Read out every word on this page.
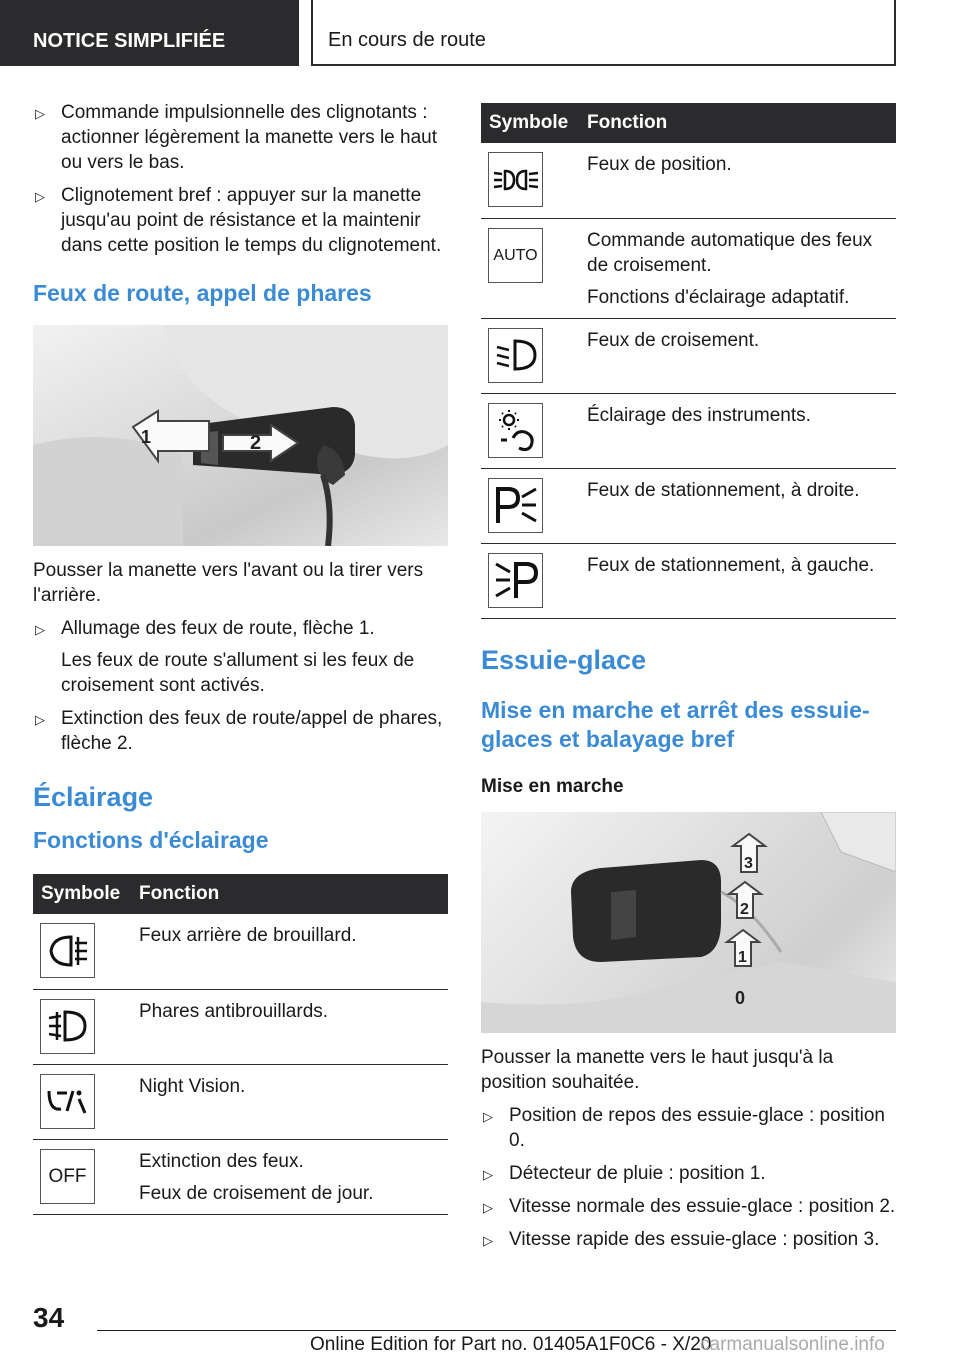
NOTICE SIMPLIFIÉE	En cours de route
▷ Commande impulsionnelle des clignotants : actionner légèrement la manette vers le haut ou vers le bas.
▷ Clignotement bref : appuyer sur la manette jusqu'au point de résistance et la maintenir dans cette position le temps du clignotement.
Feux de route, appel de phares
1	2
Pousser la manette vers l'avant ou la tirer vers l'arrière.
▷ Allumage des feux de route, flèche 1.
Les feux de route s'allument si les feux de croisement sont activés.
▷ Extinction des feux de route/appel de phares, flèche 2.
Éclairage
Fonctions d'éclairage
Symbole	Fonction

Feux arrière de brouillard.

Phares antibrouillards.

Night Vision.

OFF	Extinction des feux.

Feux de croisement de jour.

Symbole	Fonction

Feux de position.

AUTO	Commande automatique des feux de croisement.

Fonctions d'éclairage adaptatif.

Feux de croisement.

Éclairage des instruments.

Feux de stationnement, à droite.

Feux de stationnement, à gauche.

Essuie-glace
Mise en marche et arrêt des essuie-glaces et balayage bref
Mise en marche
3
2
1
0
Pousser la manette vers le haut jusqu'à la position souhaitée.
▷ Position de repos des essuie-glace : position 0.
▷ Détecteur de pluie : position 1.
▷ Vitesse normale des essuie-glace : position 2.
▷ Vitesse rapide des essuie-glace : position 3.
34
Online Edition for Part no. 01405A1F0C6 - X/20
carmanualsonline.info
